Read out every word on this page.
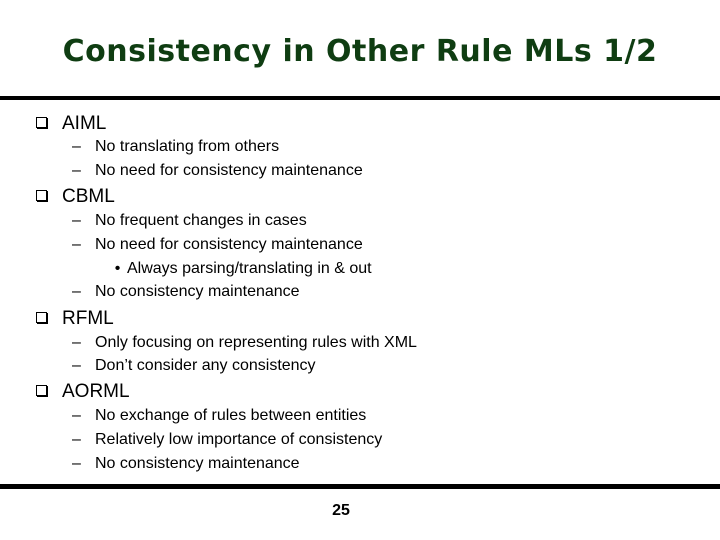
Consistency in Other Rule MLs 1/2
AIML
– No translating from others
– No need for consistency maintenance
CBML
– No frequent changes in cases
– No need for consistency maintenance
• Always parsing/translating in & out
– No consistency maintenance
RFML
– Only focusing on representing rules with XML
– Don’t consider any consistency
AORML
– No exchange of rules between entities
– Relatively low importance of consistency
– No consistency maintenance
25
